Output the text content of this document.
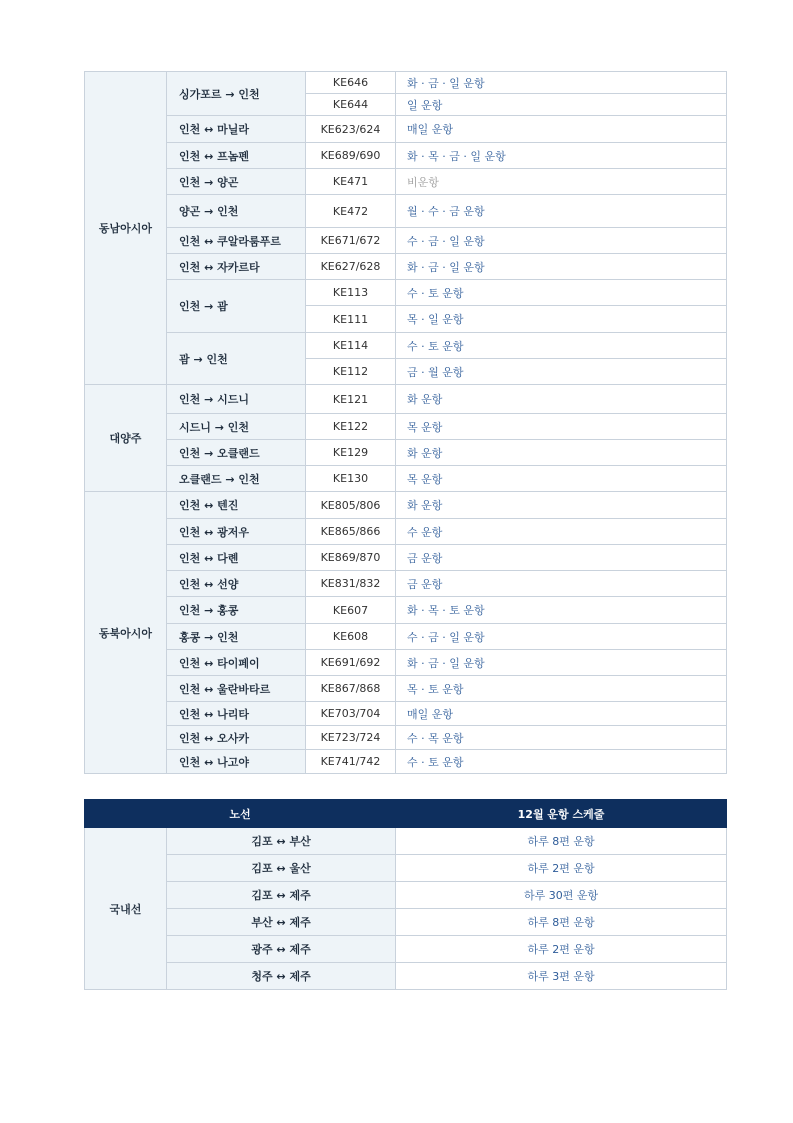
동남아시아	싱가포르 → 인천	KE646	화 · 금 · 일 운항
		KE644	일 운항
	인천 ↔ 마닐라	KE623/624	매일 운항
	인천 ↔ 프놈펜	KE689/690	화 · 목 · 금 · 일 운항
	인천 → 양곤	KE471	비운항
	양곤 → 인천	KE472	월 · 수 · 금 운항
	인천 ↔ 쿠알라룸푸르	KE671/672	수 · 금 · 일 운항
	인천 ↔ 자카르타	KE627/628	화 · 금 · 일 운항
	인천 → 괌	KE113	수 · 토 운항
		KE111	목 · 일 운항
	괌 → 인천	KE114	수 · 토 운항
		KE112	금 · 월 운항
대양주	인천 → 시드니	KE121	화 운항
	시드니 → 인천	KE122	목 운항
	인천 → 오클랜드	KE129	화 운항
	오클랜드 → 인천	KE130	목 운항
동북아시아	인천 ↔ 텐진	KE805/806	화 운항
	인천 ↔ 광저우	KE865/866	수 운항
	인천 ↔ 다롄	KE869/870	금 운항
	인천 ↔ 선양	KE831/832	금 운항
	인천 → 홍콩	KE607	화 · 목 · 토 운항
	홍콩 → 인천	KE608	수 · 금 · 일 운항
	인천 ↔ 타이페이	KE691/692	화 · 금 · 일 운항
	인천 ↔ 울란바타르	KE867/868	목 · 토 운항
	인천 ↔ 나리타	KE703/704	매일 운항
	인천 ↔ 오사카	KE723/724	수 · 목 운항
	인천 ↔ 나고야	KE741/742	수 · 토 운항
노선		12월 운항 스케줄
국내선	김포 ↔ 부산	하루 8편 운항
	김포 ↔ 울산	하루 2편 운항
	김포 ↔ 제주	하루 30편 운항
	부산 ↔ 제주	하루 8편 운항
	광주 ↔ 제주	하루 2편 운항
	청주 ↔ 제주	하루 3편 운항
